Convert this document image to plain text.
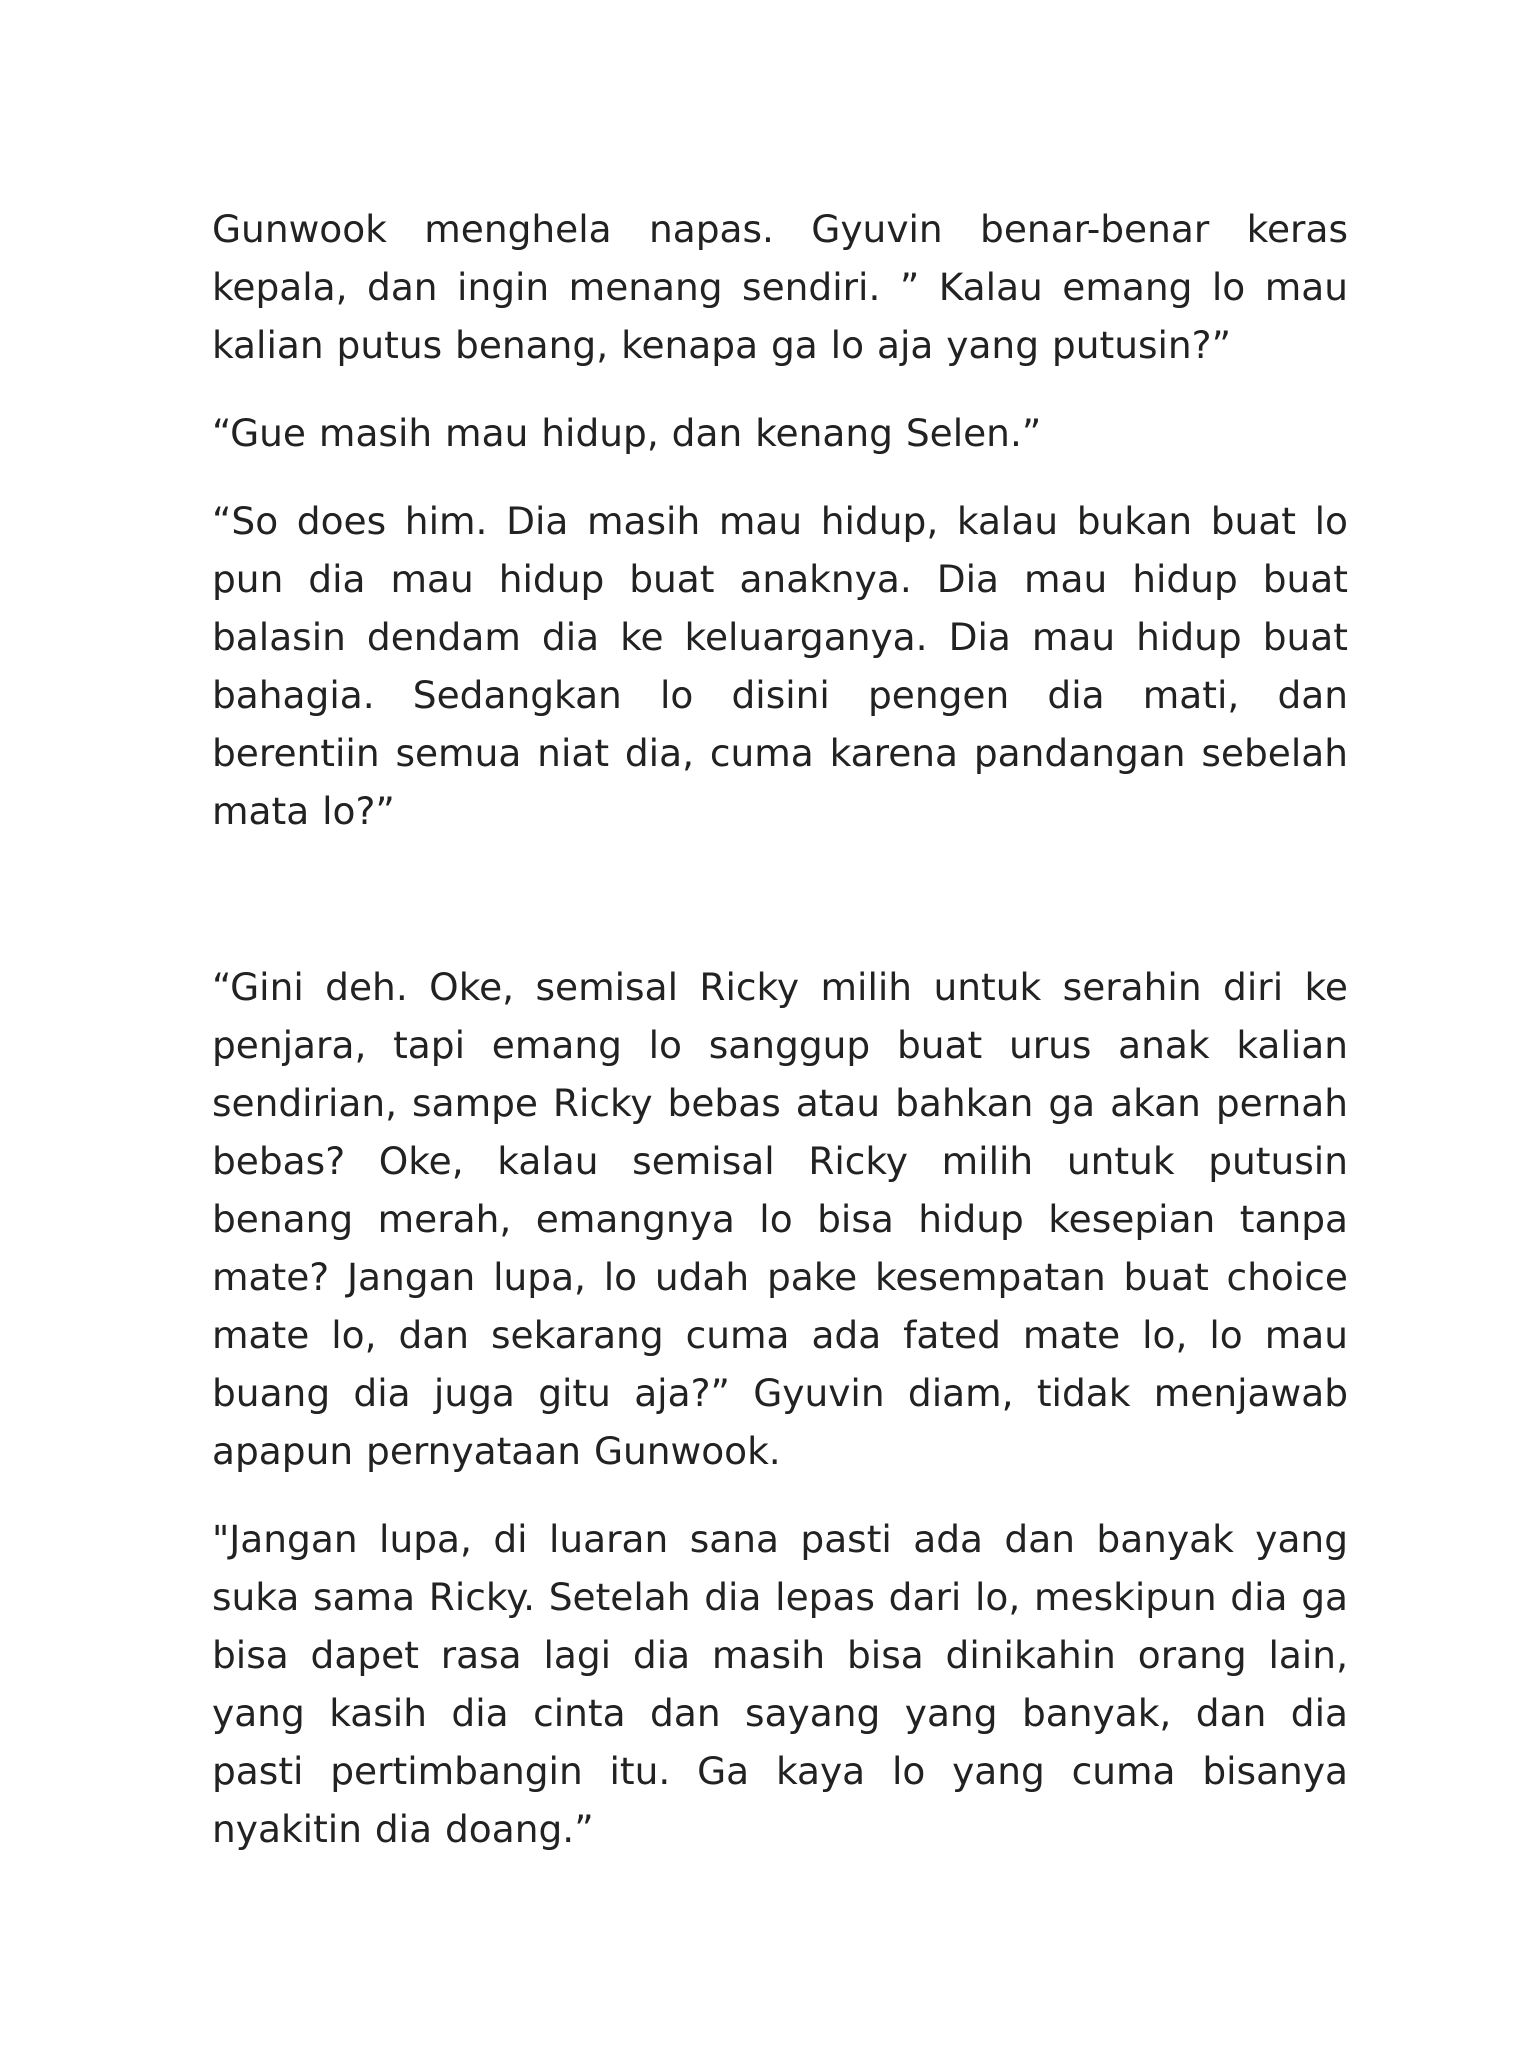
Gunwook menghela napas. Gyuvin benar-benar keras kepala, dan ingin menang sendiri. ” Kalau emang lo mau kalian putus benang, kenapa ga lo aja yang putusin?”

“Gue masih mau hidup, dan kenang Selen.”

“So does him. Dia masih mau hidup, kalau bukan buat lo pun dia mau hidup buat anaknya. Dia mau hidup buat balasin dendam dia ke keluarganya. Dia mau hidup buat bahagia. Sedangkan lo disini pengen dia mati, dan berentiin semua niat dia, cuma karena pandangan sebelah mata lo?”

“Gini deh. Oke, semisal Ricky milih untuk serahin diri ke penjara, tapi emang lo sanggup buat urus anak kalian sendirian, sampe Ricky bebas atau bahkan ga akan pernah bebas? Oke, kalau semisal Ricky milih untuk putusin benang merah, emangnya lo bisa hidup kesepian tanpa mate? Jangan lupa, lo udah pake kesempatan buat choice mate lo, dan sekarang cuma ada fated mate lo, lo mau buang dia juga gitu aja?” Gyuvin diam, tidak menjawab apapun pernyataan Gunwook.

"Jangan lupa, di luaran sana pasti ada dan banyak yang suka sama Ricky. Setelah dia lepas dari lo, meskipun dia ga bisa dapet rasa lagi dia masih bisa dinikahin orang lain, yang kasih dia cinta dan sayang yang banyak, dan dia pasti pertimbangin itu. Ga kaya lo yang cuma bisanya nyakitin dia doang.”
